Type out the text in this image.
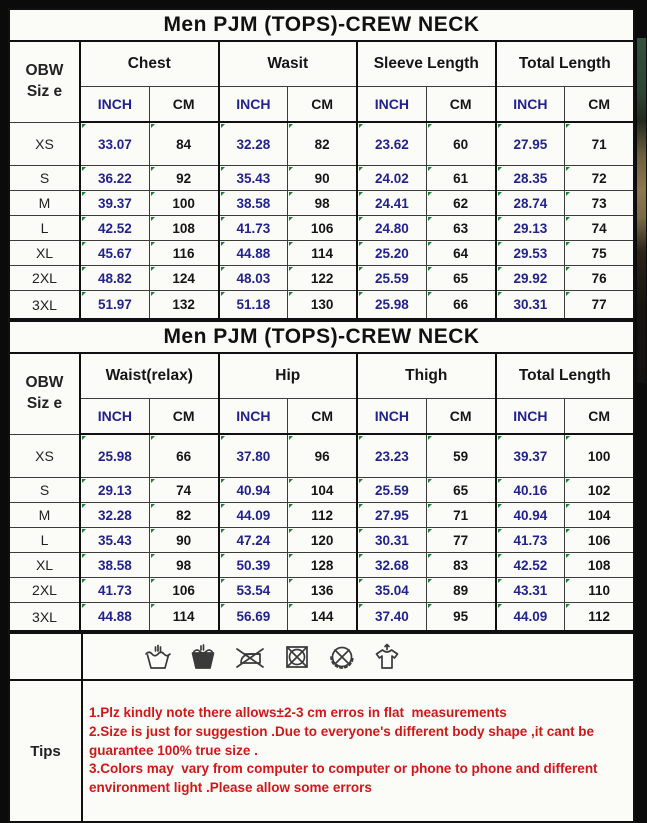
Men PJM (TOPS)-CREW NECK								
OBW
Siz e	Chest		Wasit		Sleeve Length		Total Length	
	INCH	CM	INCH	CM	INCH	CM	INCH	CM
XS	33.07	84	32.28	82	23.62	60	27.95	71
S	36.22	92	35.43	90	24.02	61	28.35	72
M	39.37	100	38.58	98	24.41	62	28.74	73
L	42.52	108	41.73	106	24.80	63	29.13	74
XL	45.67	116	44.88	114	25.20	64	29.53	75
2XL	48.82	124	48.03	122	25.59	65	29.92	76
3XL	51.97	132	51.18	130	25.98	66	30.31	77
Men PJM (TOPS)-CREW NECK								
OBW
Siz e	Waist(relax)		Hip		Thigh		Total Length	
	INCH	CM	INCH	CM	INCH	CM	INCH	CM
XS	25.98	66	37.80	96	23.23	59	39.37	100
S	29.13	74	40.94	104	25.59	65	40.16	102
M	32.28	82	44.09	112	27.95	71	40.94	104
L	35.43	90	47.24	120	30.31	77	41.73	106
XL	38.58	98	50.39	128	32.68	83	42.52	108
2XL	41.73	106	53.54	136	35.04	89	43.31	110
3XL	44.88	114	56.69	144	37.40	95	44.09	112

Tips	1.Plz kindly note there allows±2-3 cm erros in flat  measurements

2.Size is just for suggestion .Due to everyone's different body shape ,it cant be guarantee 100% true size .

3.Colors may  vary from computer to computer or phone to phone and different environment light .Please allow some errors
